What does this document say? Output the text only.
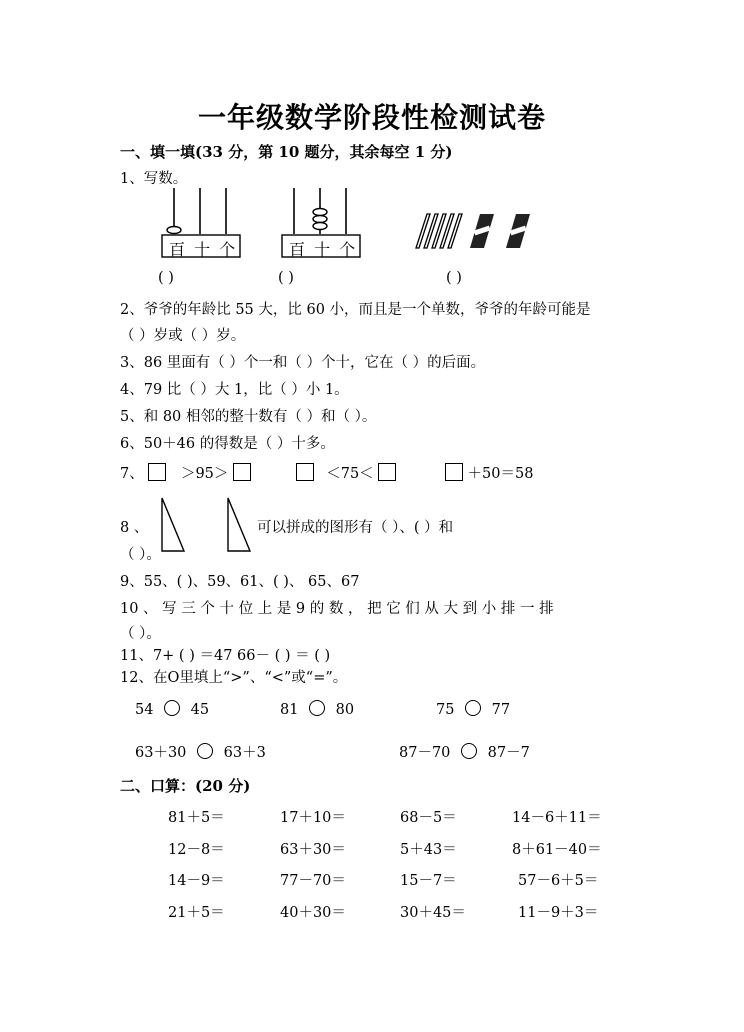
一年级数学阶段性检测试卷
一、填一填(33 分，第 10 题分，其余每空 1 分)
1、写数。
百 十 个	百 十 个
( )	( )	( )
2、爷爷的年龄比 55 大，比 60 小，而且是一个单数，爷爷的年龄可能是
（ ）岁或（ ）岁。
3、86 里面有（ ）个一和（ ）个十，它在（ ）的后面。
4、79 比（ ）大 1，比（ ）小 1。
5、和 80 相邻的整十数有（ ）和（ ）。
6、50＋46 的得数是（ ）十多。
7、	＞95＞	＜75＜	＋50＝58
8 、	可以拼成的图形有（ ）、( ）和
（ ）。
9、55、( )、59、61、( )、 65、67
10 、 写 三 个 十 位 上 是 9 的 数 ， 把 它 们 从 大 到 小 排 一 排
（ ）。
11、7+ ( ) ＝47 66－ ( ) ＝ ( )
12、在O里填上“>”、“<”或“=”。
54	45	81	80	75	77
63＋30	63＋3	87－70	87－7
二、口算：(20 分)
81＋5＝	17＋10＝	68－5＝	14－6＋11＝
12－8＝	63＋30＝	5＋43＝	8＋61－40＝
14－9＝	77－70＝	15－7＝	57－6＋5＝
21＋5＝	40＋30＝	30＋45＝	11－9＋3＝
